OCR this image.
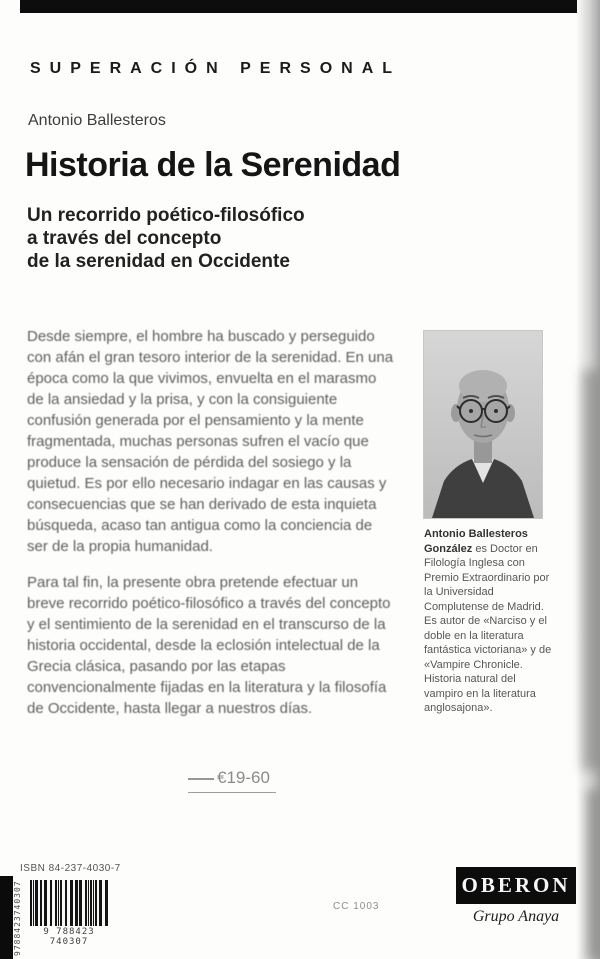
SUPERACIÓN PERSONAL
Antonio Ballesteros
Historia de la Serenidad
Un recorrido poético-filosófico
a través del concepto
de la serenidad en Occidente

Desde siempre, el hombre ha buscado y perseguido con afán el gran tesoro interior de la serenidad. En una época como la que vivimos, envuelta en el marasmo de la ansiedad y la prisa, y con la consiguiente confusión generada por el pensamiento y la mente fragmentada, muchas personas sufren el vacío que produce la sensación de pérdida del sosiego y la quietud. Es por ello necesario indagar en las causas y consecuencias que se han derivado de esta inquieta búsqueda, acaso tan antigua como la conciencia de ser de la propia humanidad.

Para tal fin, la presente obra pretende efectuar un breve recorrido poético-filosófico a través del concepto y el sentimiento de la serenidad en el transcurso de la historia occidental, desde la eclosión intelectual de la Grecia clásica, pasando por las etapas convencionalmente fijadas en la literatura y la filosofía de Occidente, hasta llegar a nuestros días.

Antonio Ballesteros González es Doctor en Filología Inglesa con Premio Extraordinario por la Universidad Complutense de Madrid. Es autor de «Narciso y el doble en la literatura fantástica victoriana» y de «Vampire Chronicle. Historia natural del vampiro en la literatura anglosajona».
€19-60
ISBN 84-237-4030-7
9788423740307	9 788423 740307
CC 1003
OBERON
Grupo Anaya
